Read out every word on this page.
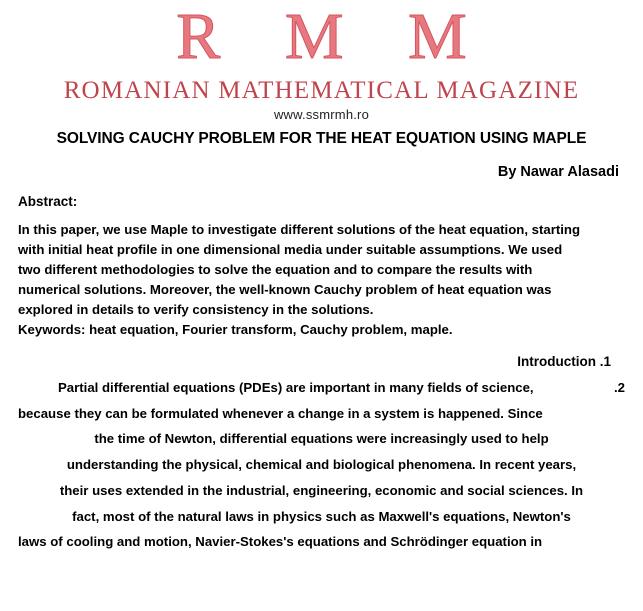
R M M
ROMANIAN MATHEMATICAL MAGAZINE
www.ssmrmh.ro
SOLVING CAUCHY PROBLEM FOR THE HEAT EQUATION USING MAPLE
By Nawar Alasadi
Abstract:
In this paper, we use Maple to investigate different solutions of the heat equation, starting
with initial heat profile in one dimensional media under suitable assumptions. We used
two different methodologies to solve the equation and to compare the results with
numerical solutions. Moreover, the well-known Cauchy problem of heat equation was
explored in details to verify consistency in the solutions.
Keywords: heat equation, Fourier transform, Cauchy problem, maple.
Introduction .1
.2
Partial differential equations (PDEs) are important in many fields of science,
because they can be formulated whenever a change in a system is happened. Since
the time of Newton, differential equations were increasingly used to help
understanding the physical, chemical and biological phenomena. In recent years,
their uses extended in the industrial, engineering, economic and social sciences. In
fact, most of the natural laws in physics such as Maxwell's equations, Newton's
laws of cooling and motion, Navier-Stokes's equations and Schrödinger equation in
